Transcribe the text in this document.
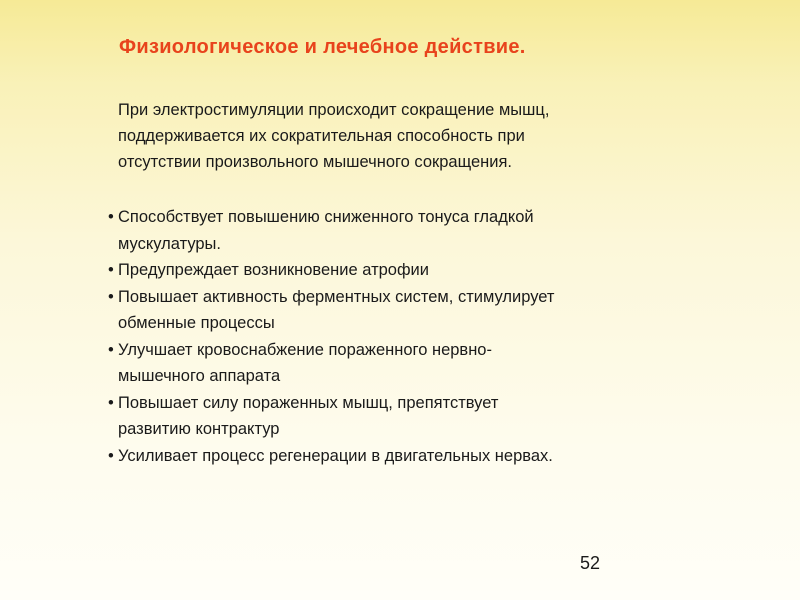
Физиологическое и лечебное действие.
При электростимуляции происходит сокращение мышц,
поддерживается их сократительная способность при
отсутствии произвольного мышечного сокращения.
• Способствует повышению сниженного тонуса гладкой
мускулатуры.
• Предупреждает возникновение атрофии
• Повышает активность ферментных систем, стимулирует
обменные процессы
• Улучшает кровоснабжение пораженного нервно-
мышечного аппарата
• Повышает силу пораженных мышц, препятствует
развитию контрактур
• Усиливает процесс регенерации в двигательных нервах.
52
